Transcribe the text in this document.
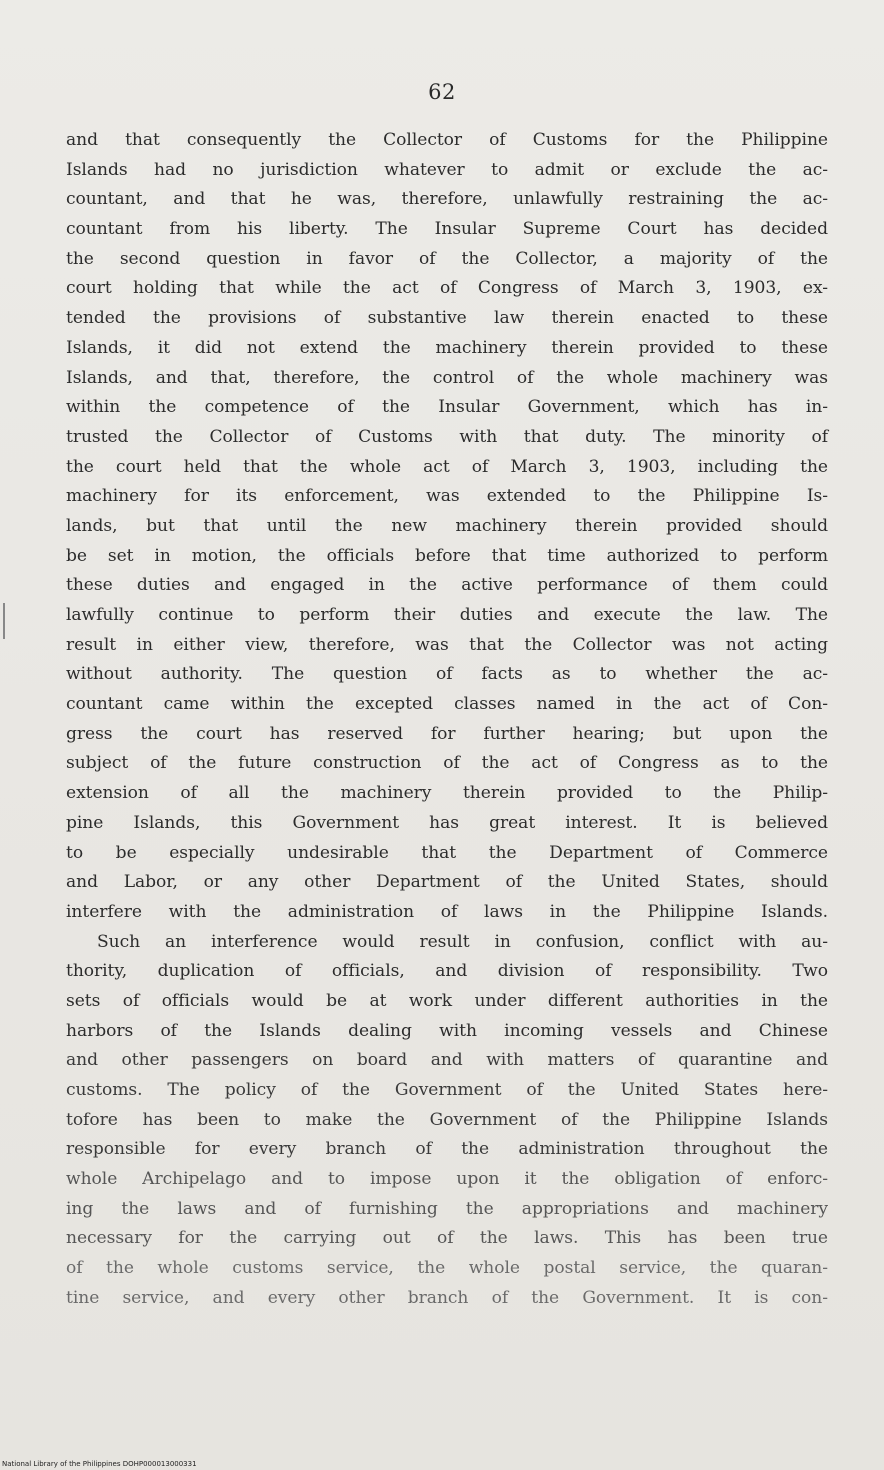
62
and that consequently the Collector of Customs for the Philippine
Islands had no jurisdiction whatever to admit or exclude the ac-
countant, and that he was, therefore, unlawfully restraining the ac-
countant from his liberty. The Insular Supreme Court has decided
the second question in favor of the Collector, a majority of the
court holding that while the act of Congress of March 3, 1903, ex-
tended the provisions of substantive law therein enacted to these
Islands, it did not extend the machinery therein provided to these
Islands, and that, therefore, the control of the whole machinery was
within the competence of the Insular Government, which has in-
trusted the Collector of Customs with that duty. The minority of
the court held that the whole act of March 3, 1903, including the
machinery for its enforcement, was extended to the Philippine Is-
lands, but that until the new machinery therein provided should
be set in motion, the officials before that time authorized to perform
these duties and engaged in the active performance of them could
lawfully continue to perform their duties and execute the law. The
result in either view, therefore, was that the Collector was not acting
without authority. The question of facts as to whether the ac-
countant came within the excepted classes named in the act of Con-
gress the court has reserved for further hearing; but upon the
subject of the future construction of the act of Congress as to the
extension of all the machinery therein provided to the Philip-
pine Islands, this Government has great interest. It is believed
to be especially undesirable that the Department of Commerce
and Labor, or any other Department of the United States, should
interfere with the administration of laws in the Philippine Islands.
Such an interference would result in confusion, conflict with au-
thority, duplication of officials, and division of responsibility. Two
sets of officials would be at work under different authorities in the
harbors of the Islands dealing with incoming vessels and Chinese
and other passengers on board and with matters of quarantine and
customs. The policy of the Government of the United States here-
tofore has been to make the Government of the Philippine Islands
responsible for every branch of the administration throughout the
whole Archipelago and to impose upon it the obligation of enforc-
ing the laws and of furnishing the appropriations and machinery
necessary for the carrying out of the laws. This has been true
of the whole customs service, the whole postal service, the quaran-
tine service, and every other branch of the Government. It is con-
National Library of the Philippines DOHP000013000331
